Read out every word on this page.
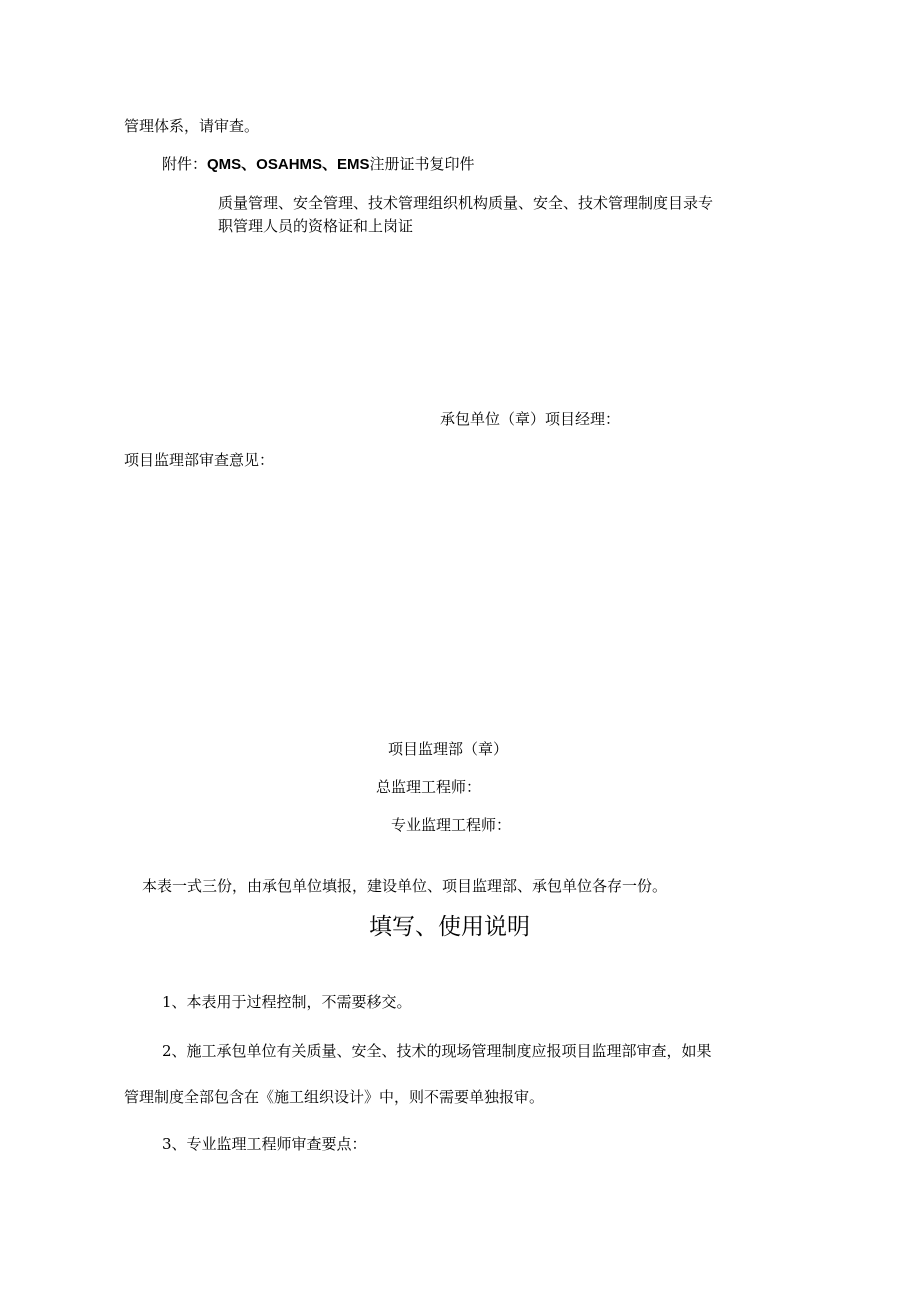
管理体系，请审查。
附件：QMS、OSAHMS、EMS注册证书复印件
质量管理、安全管理、技术管理组织机构质量、安全、技术管理制度目录专
职管理人员的资格证和上岗证
承包单位（章）项目经理：
项目监理部审查意见：
项目监理部（章）
总监理工程师：
专业监理工程师：
本表一式三份，由承包单位填报，建设单位、项目监理部、承包单位各存一份。
填写、使用说明
1、本表用于过程控制，不需要移交。
2、施工承包单位有关质量、安全、技术的现场管理制度应报项目监理部审查，如果
管理制度全部包含在《施工组织设计》中，则不需要单独报审。
3、专业监理工程师审查要点：
